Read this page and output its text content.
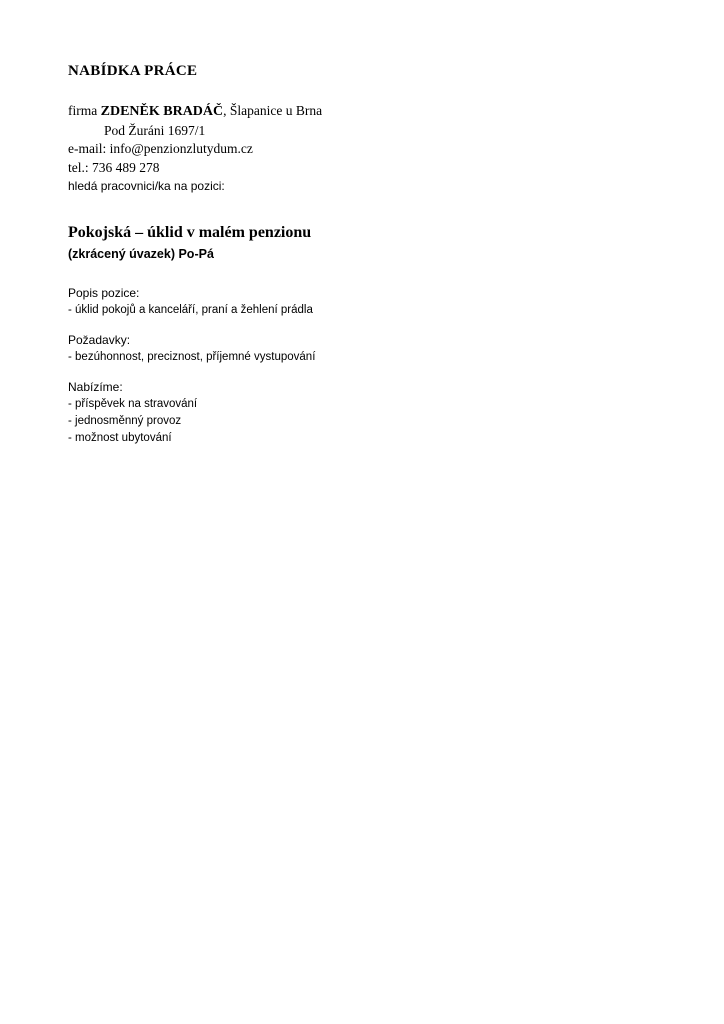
NABÍDKA PRÁCE
firma ZDENĚK BRADÁČ, Šlapanice u Brna
Pod Žuráni 1697/1
e-mail: info@penzionzlutydum.cz
tel.: 736 489 278
hledá pracovnici/ka na pozici:
Pokojská – úklid v malém penzionu
(zkrácený úvazek) Po-Pá
Popis pozice:
- úklid pokojů a kanceláří, praní a žehlení prádla
Požadavky:
- bezúhonnost, preciznost, příjemné vystupování
Nabízíme:
- příspěvek na stravování
- jednosměnný provoz
- možnost ubytování
